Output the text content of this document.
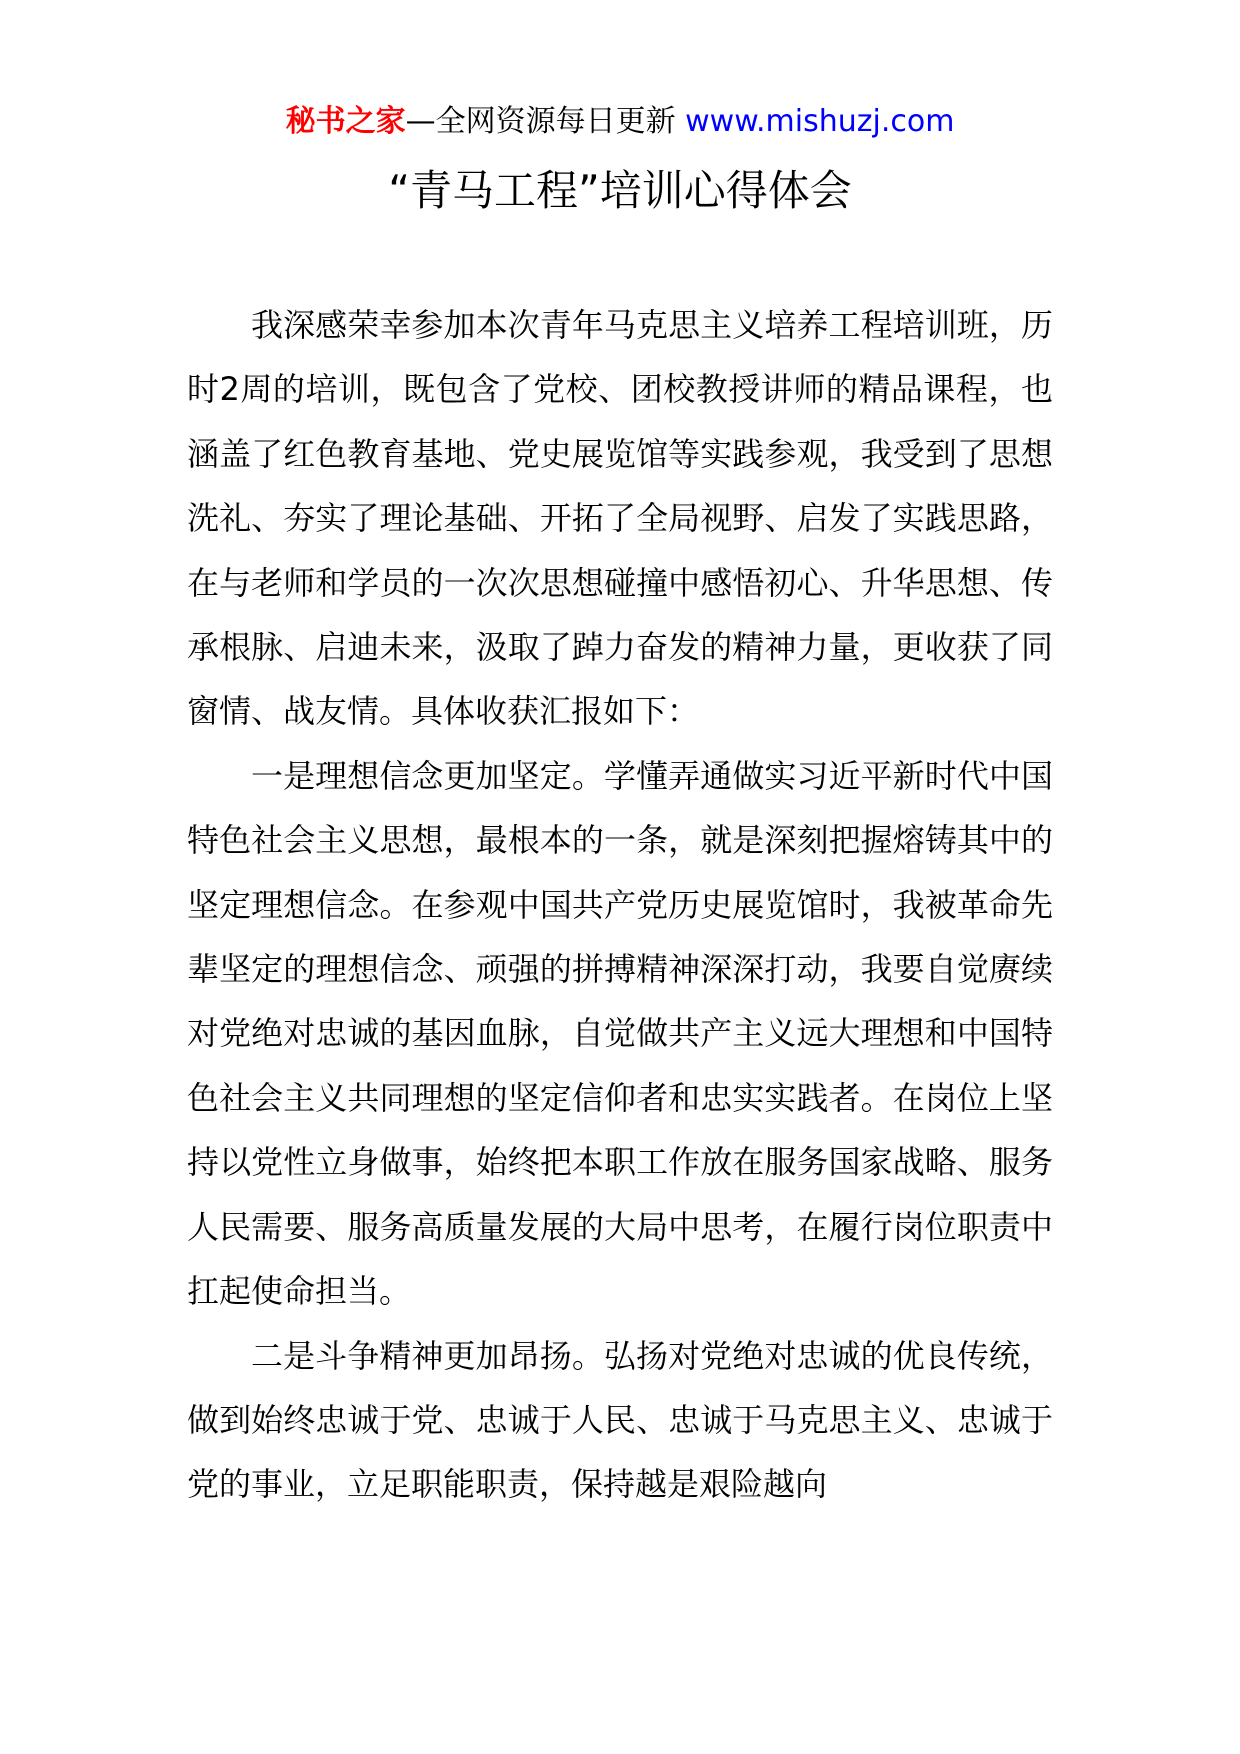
秘书之家—全网资源每日更新 www.mishuzj.com
“青马工程”培训心得体会

我深感荣幸参加本次青年马克思主义培养工程培训班，历时2周的培训，既包含了党校、团校教授讲师的精品课程，也涵盖了红色教育基地、党史展览馆等实践参观，我受到了思想洗礼、夯实了理论基础、开拓了全局视野、启发了实践思路，在与老师和学员的一次次思想碰撞中感悟初心、升华思想、传承根脉、启迪未来，汲取了踔力奋发的精神力量，更收获了同窗情、战友情。具体收获汇报如下：

一是理想信念更加坚定。学懂弄通做实习近平新时代中国特色社会主义思想，最根本的一条，就是深刻把握熔铸其中的坚定理想信念。在参观中国共产党历史展览馆时，我被革命先辈坚定的理想信念、顽强的拼搏精神深深打动，我要自觉赓续对党绝对忠诚的基因血脉，自觉做共产主义远大理想和中国特色社会主义共同理想的坚定信仰者和忠实实践者。在岗位上坚持以党性立身做事，始终把本职工作放在服务国家战略、服务人民需要、服务高质量发展的大局中思考，在履行岗位职责中扛起使命担当。

二是斗争精神更加昂扬。弘扬对党绝对忠诚的优良传统，做到始终忠诚于党、忠诚于人民、忠诚于马克思主义、忠诚于党的事业，立足职能职责，保持越是艰险越向
